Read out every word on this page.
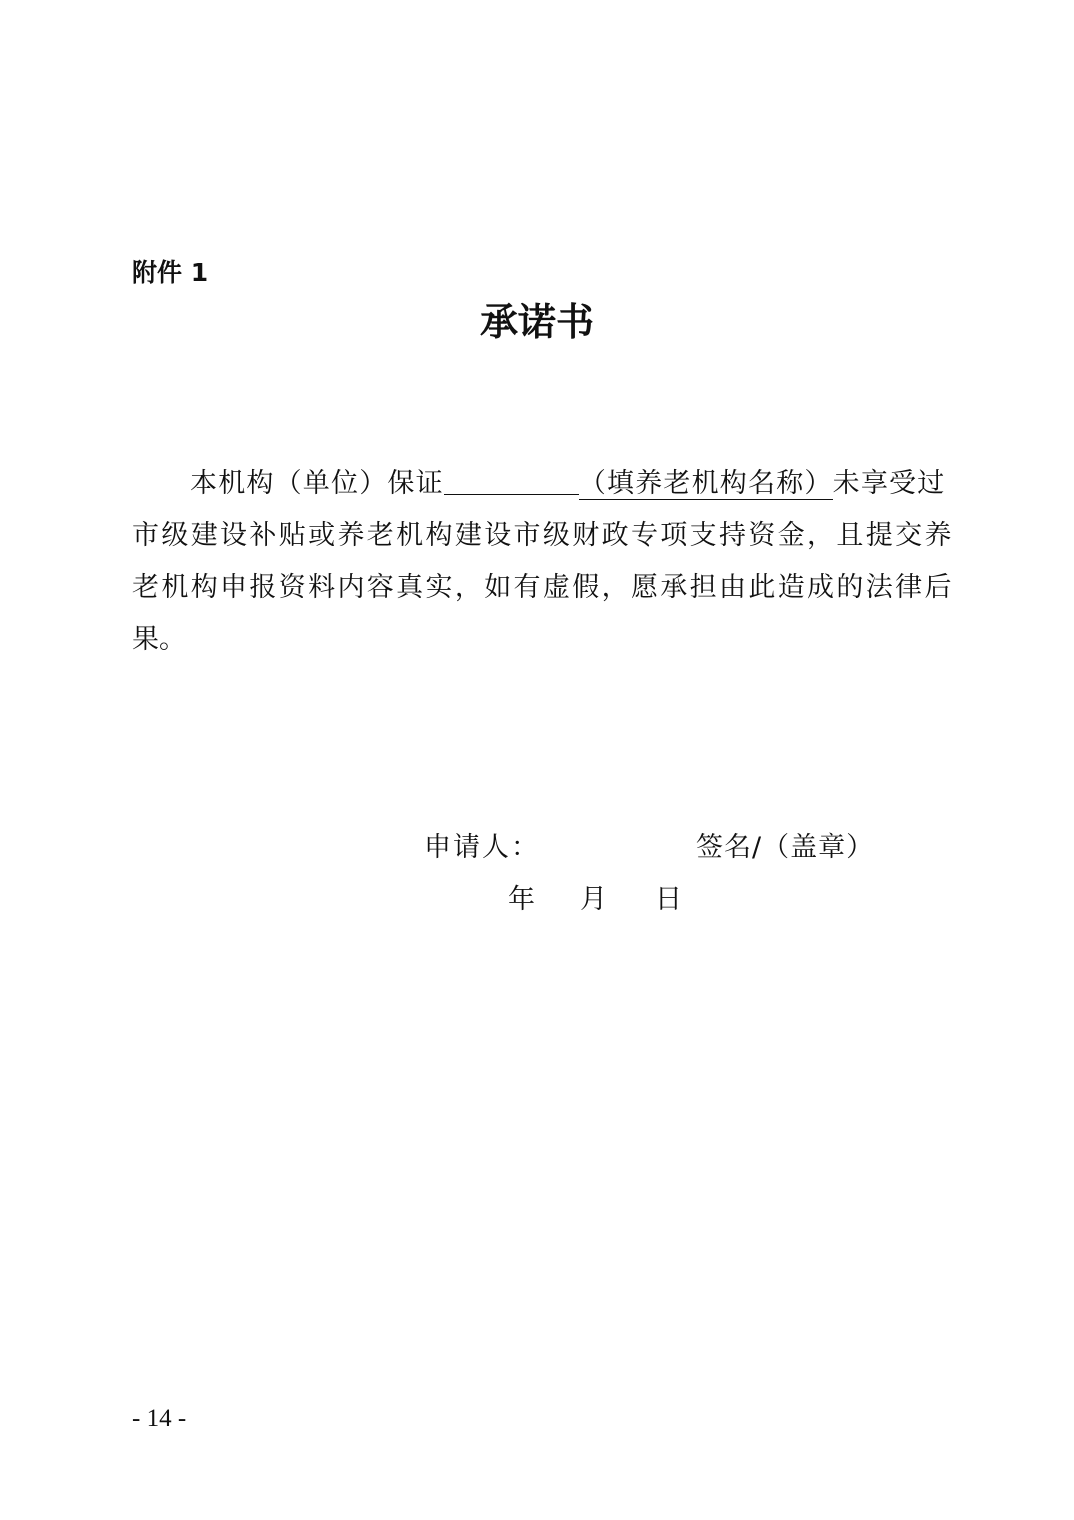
附件 1
承诺书
本机构（单位）保证	（填养老机构名称）未享受过
市级建设补贴或养老机构建设市级财政专项支持资金，且提交养
老机构申报资料内容真实，如有虚假，愿承担由此造成的法律后
果。
申请人：	签名/（盖章）
年 月 日
- 14 -
